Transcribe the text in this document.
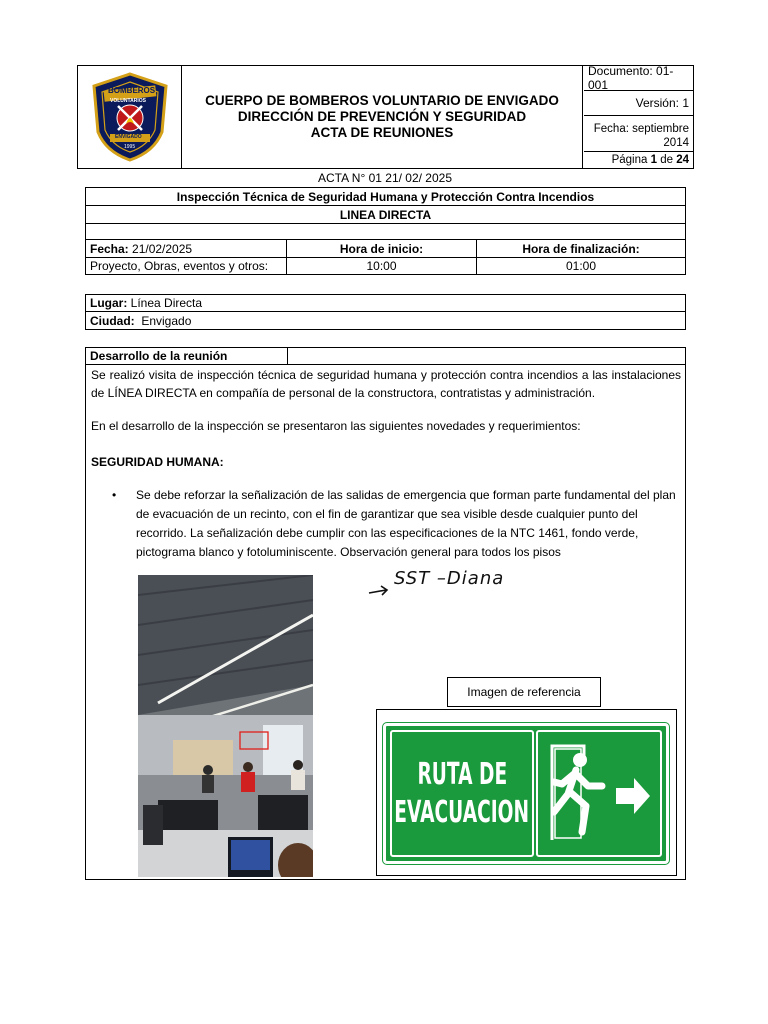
BOMBEROS
VOLUNTARIOS
ENVIGADO
1995
CUERPO DE BOMBEROS VOLUNTARIO DE ENVIGADO
DIRECCIÓN DE PREVENCIÓN Y SEGURIDAD
ACTA DE REUNIONES
Documento: 01-001
Versión: 1
Fecha: septiembre
2014
Página 1 de 24
ACTA N° 01 21/ 02/ 2025
Inspección Técnica de Seguridad Humana y Protección Contra Incendios
LINEA DIRECTA
Fecha: 21/02/2025	Hora de inicio:	Hora de finalización:
Proyecto, Obras, eventos y otros:	10:00	01:00
Lugar: Línea Directa
Ciudad: Envigado
Desarrollo de la reunión

Se realizó visita de inspección técnica de seguridad humana y protección contra incendios a las instalaciones de LÍNEA DIRECTA en compañía de personal de la constructora, contratistas y administración.

En el desarrollo de la inspección se presentaron las siguientes novedades y requerimientos:

SEGURIDAD HUMANA:

• Se debe reforzar la señalización de las salidas de emergencia que forman parte fundamental del plan de evacuación de un recinto, con el fin de garantizar que sea visible desde cualquier punto del recorrido. La señalización debe cumplir con las especificaciones de la NTC 1461, fondo verde, pictograma blanco y fotoluminiscente. Observación general para todos los pisos

SST –Diana
Imagen de referencia
RUTA DE
EVACUACION
